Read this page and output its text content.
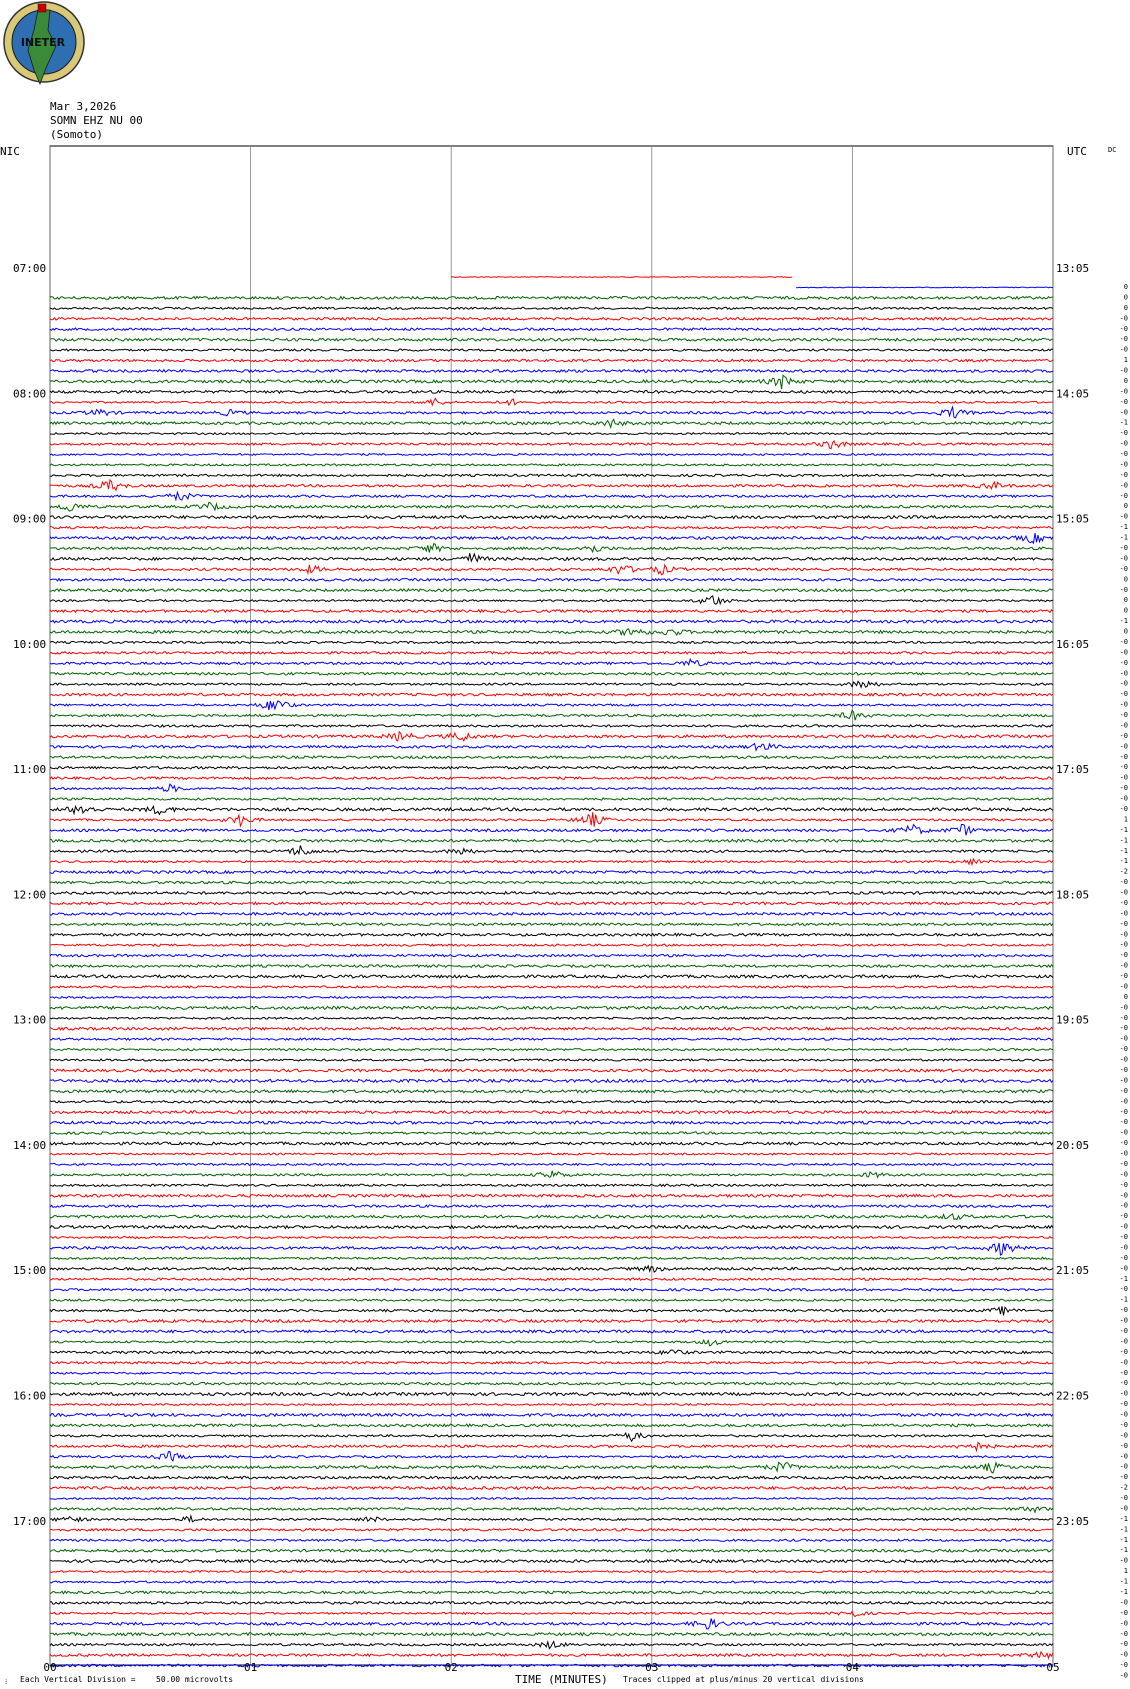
INETER
Mar 3,2026
SOMN EHZ NU 00
(Somoto)
NIC	UTC	DC
07:00
08:00
09:00
10:00
11:00
12:00
13:00
14:00
15:00
16:00
17:00
13:05
14:05
15:05
16:05
17:05
18:05
19:05
20:05
21:05
22:05
23:05
0
0
0
-0
-0
-0
-0
1
-0
0
-0
-0
-0
-1
-0
-0
-0
-0
-0
-0
-0
0
-0
-1
-1
-0
-0
-0
0
-0
0
0
-1
0
-0
-0
-0
-0
-0
-0
-0
-0
-0
-0
-0
-0
-0
-0
-0
-0
-0
1
-1
-1
-1
-1
-2
-0
-0
-0
-0
-0
-0
-0
-0
-0
-0
-0
0
-0
-0
-0
-0
-0
-0
-0
-0
-0
-0
-0
-0
-0
-0
-0
-0
-0
-0
-0
-0
-0
-0
-0
-0
-0
-0
-1
-0
-1
-0
-0
-0
-0
-0
-0
-0
-0
-0
-0
-0
-0
-0
-0
-0
-0
-0
-2
-0
-0
-1
-1
-1
-1
-0
1
-1
-1
-0
-0
-0
-0
-0
-0
-0
-0
00	01	02	03	04	05
⁝ Each Vertical Division =	50.00 microvolts	TIME (MINUTES) Traces clipped at plus/minus 20 vertical divisions
